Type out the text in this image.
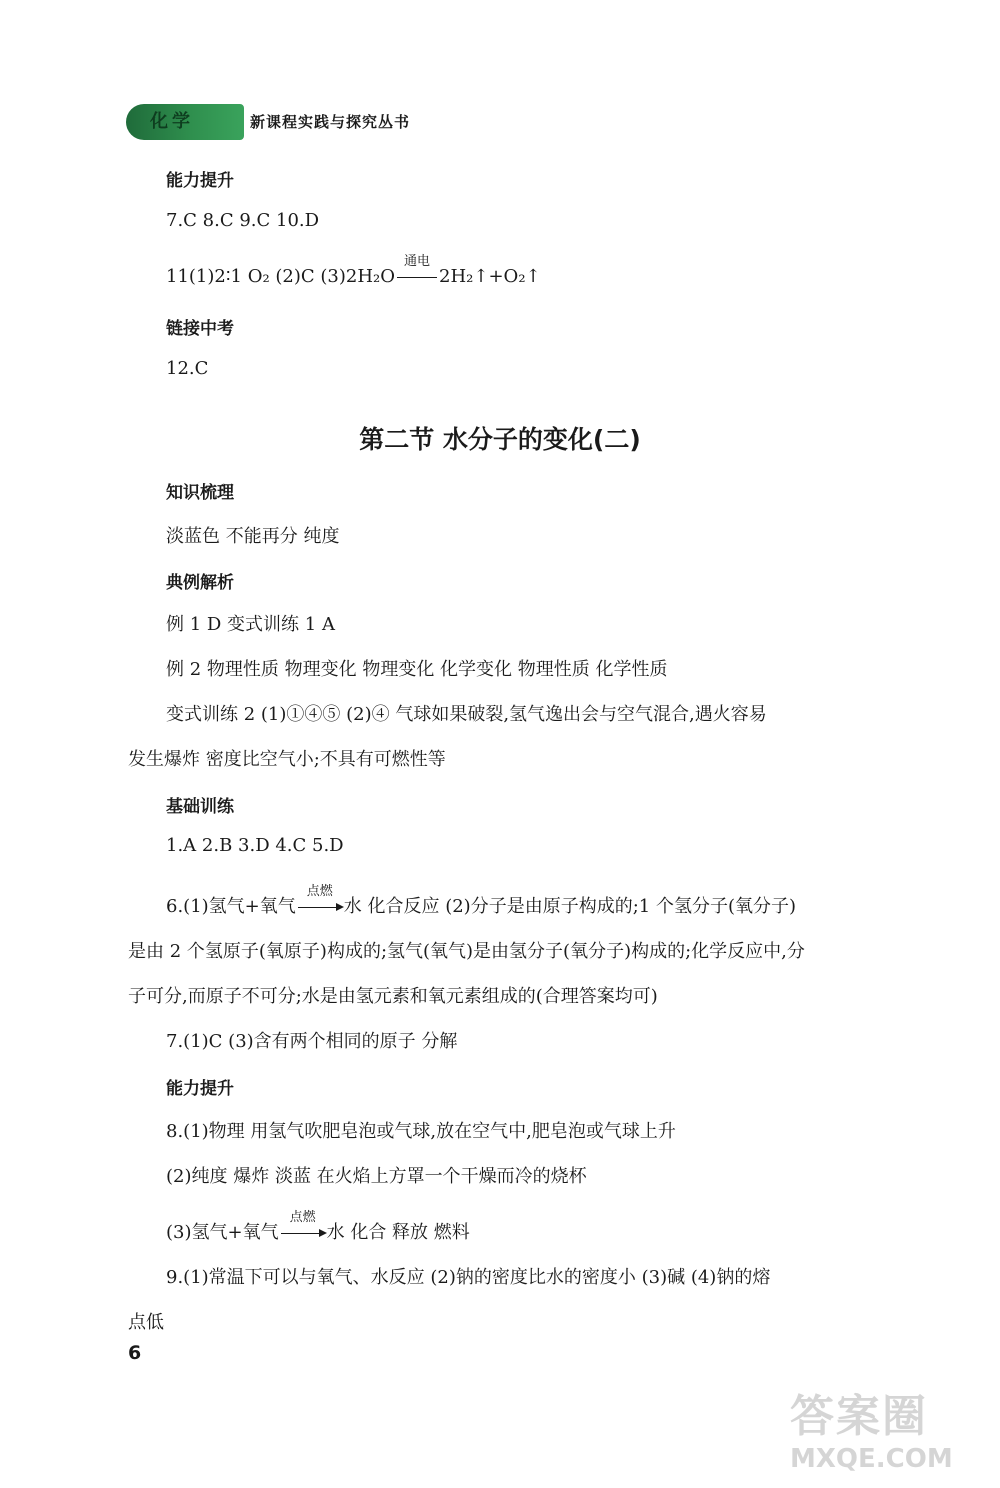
化学	新课程实践与探究丛书
能力提升
7.C 8.C 9.C 10.D
11(1)2∶1 O₂ (2)C (3)2H₂O
通电
2H₂↑+O₂↑
链接中考
12.C
第二节 水分子的变化(二)
知识梳理
淡蓝色 不能再分 纯度
典例解析
例 1 D 变式训练 1 A
例 2 物理性质 物理变化 物理变化 化学变化 物理性质 化学性质
变式训练 2 (1)①④⑤ (2)④ 气球如果破裂,氢气逸出会与空气混合,遇火容易
发生爆炸 密度比空气小;不具有可燃性等
基础训练
1.A 2.B 3.D 4.C 5.D
6.(1)氢气+氧气
点燃
水 化合反应 (2)分子是由原子构成的;1 个氢分子(氧分子)
是由 2 个氢原子(氧原子)构成的;氢气(氧气)是由氢分子(氧分子)构成的;化学反应中,分
子可分,而原子不可分;水是由氢元素和氧元素组成的(合理答案均可)
7.(1)C (3)含有两个相同的原子 分解
能力提升
8.(1)物理 用氢气吹肥皂泡或气球,放在空气中,肥皂泡或气球上升
(2)纯度 爆炸 淡蓝 在火焰上方罩一个干燥而冷的烧杯
(3)氢气+氧气
点燃
水 化合 释放 燃料
9.(1)常温下可以与氧气、水反应 (2)钠的密度比水的密度小 (3)碱 (4)钠的熔
点低
6
答案圈
MXQE.COM
